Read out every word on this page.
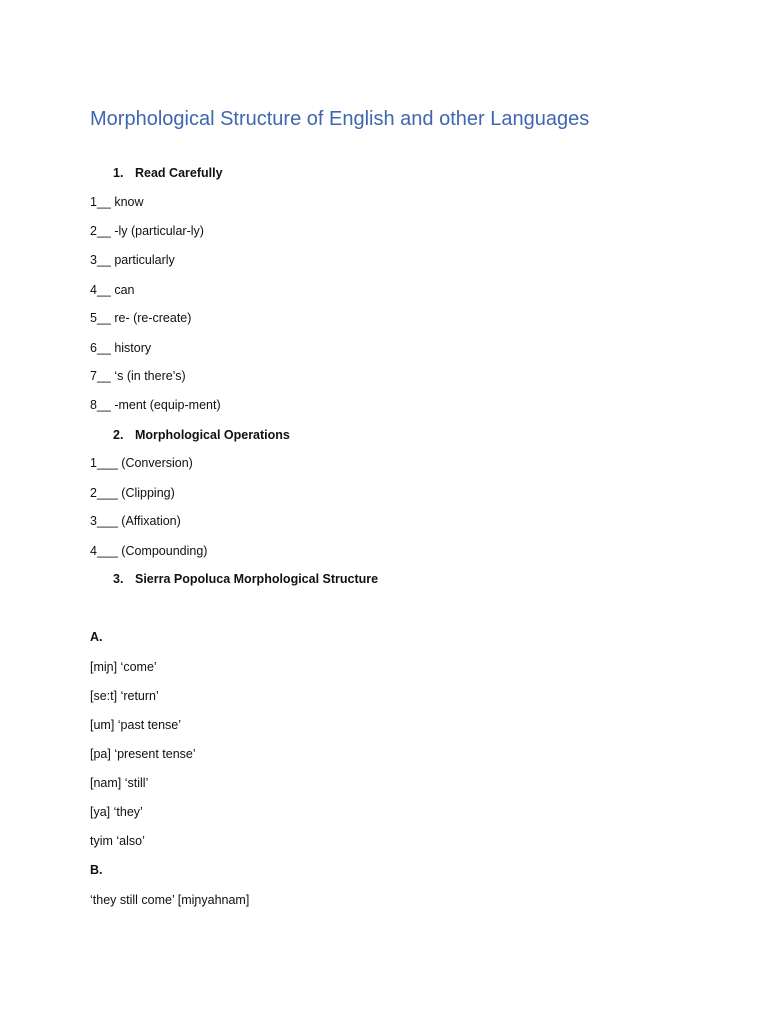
Morphological Structure of English and other Languages
1. Read Carefully
1__ know
2__ -ly (particular-ly)
3__ particularly
4__ can
5__ re- (re-create)
6__ history
7__ ‘s (in there’s)
8__ -ment (equip-ment)
2. Morphological Operations
1___ (Conversion)
2___ (Clipping)
3___ (Affixation)
4___ (Compounding)
3. Sierra Popoluca Morphological Structure
A.
[miɲ] ‘come’
[se:t] ‘return’
[um] ‘past tense’
[pa] ‘present tense’
[nam] ‘still’
[ya] ‘they’
tyim ‘also’
B.
‘they still come’ [miɲyahnam]
